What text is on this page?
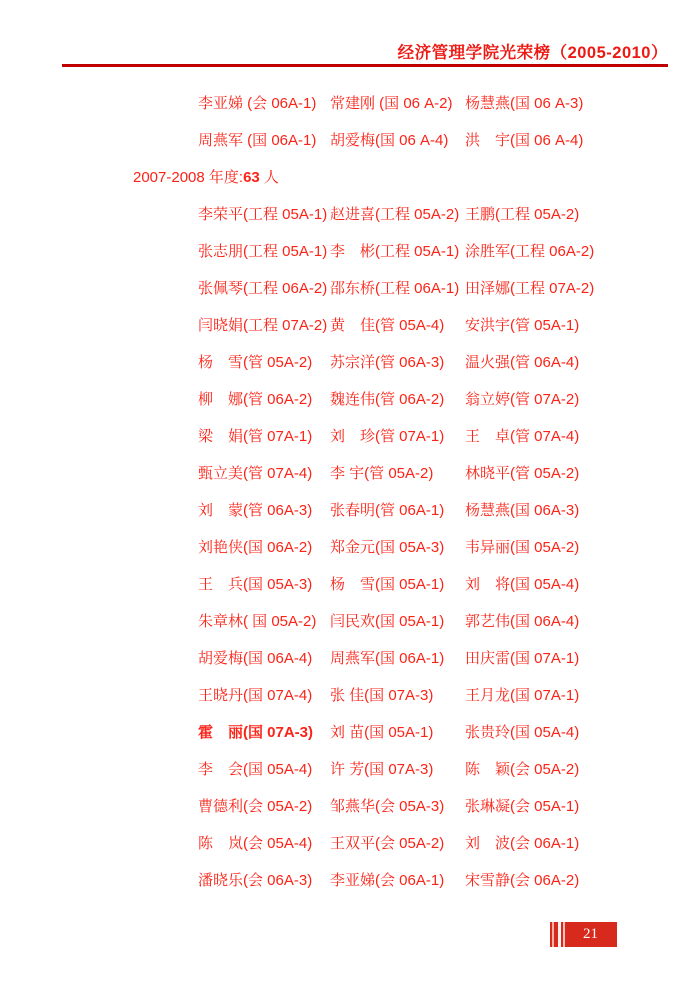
经济管理学院光荣榜（2005-2010）
李亚娣 (会 06A-1) 常建刚 (国 06 A-2) 杨慧燕(国 06 A-3)
周燕军 (国 06A-1) 胡爱梅(国 06 A-4)	洪　宇(国 06 A-4)
2007-2008 年度:63 人
李荣平(工程 05A-1) 赵进喜(工程 05A-2) 王鹏(工程 05A-2)
张志朋(工程 05A-1) 李　彬(工程 05A-1) 涂胜军(工程 06A-2)
张佩琴(工程 06A-2) 邵东桥(工程 06A-1) 田泽娜(工程 07A-2)
闫晓娟(工程 07A-2) 黄　佳(管 05A-4)	安洪宇(管 05A-1)
杨　雪(管 05A-2)	苏宗洋(管 06A-3)	温火强(管 06A-4)
柳　娜(管 06A-2)	魏连伟(管 06A-2)	翁立婷(管 07A-2)
梁　娟(管 07A-1)	刘　珍(管 07A-1)	王　卓(管 07A-4)
甄立美(管 07A-4)	李 宇(管 05A-2)	林晓平(管 05A-2)
刘　蒙(管 06A-3)	张春明(管 06A-1)	杨慧燕(国 06A-3)
刘艳侠(国 06A-2)	郑金元(国 05A-3)	韦异丽(国 05A-2)
王　兵(国 05A-3)	杨　雪(国 05A-1)	刘　将(国 05A-4)
朱章林( 国 05A-2) 闫民欢(国 05A-1)	郭艺伟(国 06A-4)
胡爱梅(国 06A-4)	周燕军(国 06A-1)	田庆雷(国 07A-1)
王晓丹(国 07A-4)	张 佳(国 07A-3)	王月龙(国 07A-1)
霍　丽(国 07A-3)	刘 苗(国 05A-1)	张贵玲(国 05A-4)
李　会(国 05A-4)	许 芳(国 07A-3)	陈　颖(会 05A-2)
曹德利(会 05A-2)	邹燕华(会 05A-3)	张琳凝(会 05A-1)
陈　岚(会 05A-4)	王双平(会 05A-2)	刘　波(会 06A-1)
潘晓乐(会 06A-3)	李亚娣(会 06A-1)	宋雪静(会 06A-2)
21
